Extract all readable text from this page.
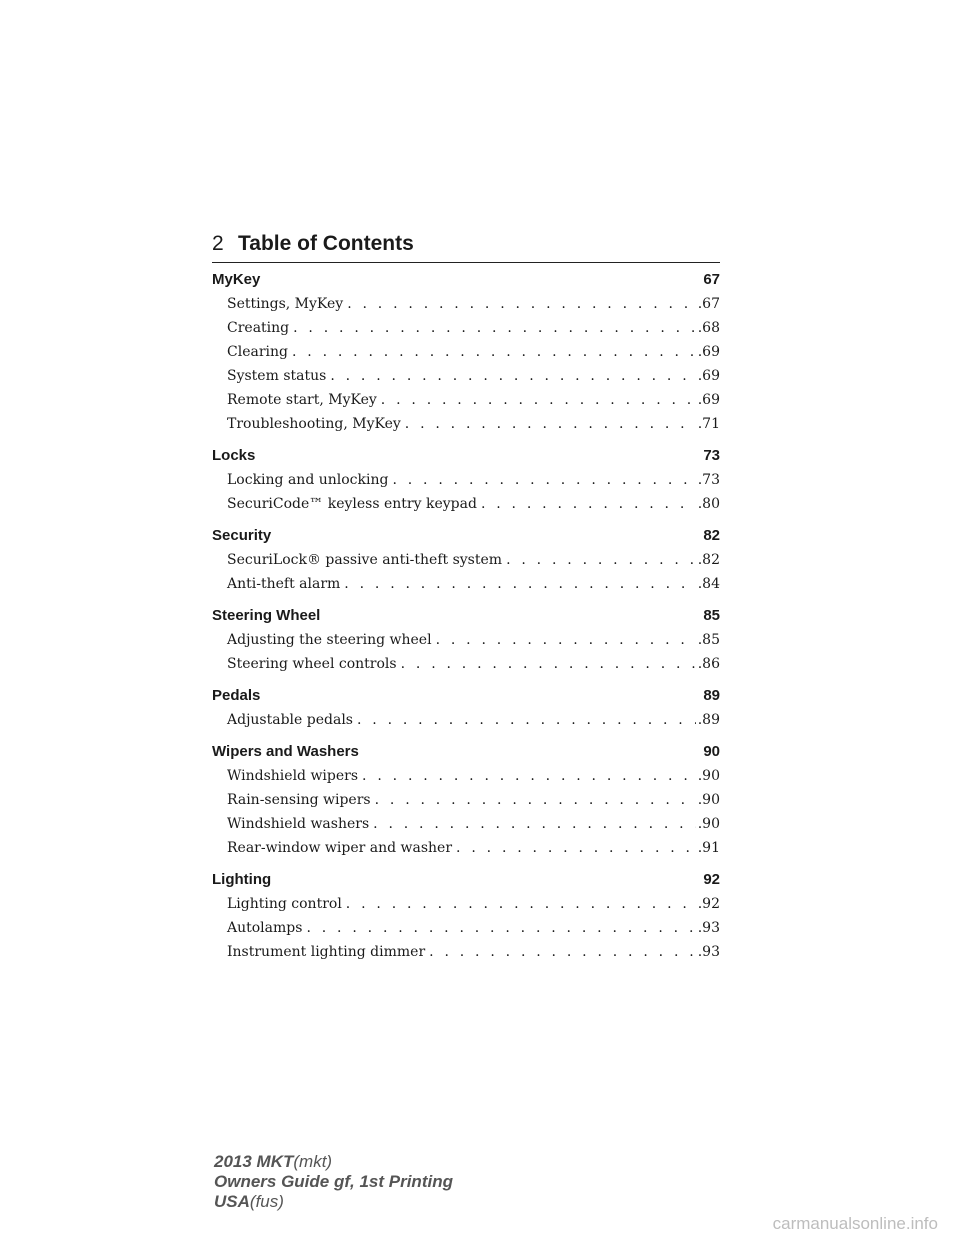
2 Table of Contents
MyKey	67
Settings, MyKey . . .	.67
Creating . . .	.68
Clearing . . .	.69
System status . . .	.69
Remote start, MyKey . . .	.69
Troubleshooting, MyKey . . .	.71
Locks	73
Locking and unlocking . . .	.73
SecuriCode™ keyless entry keypad . . .	.80
Security	82
SecuriLock® passive anti-theft system . . .	.82
Anti-theft alarm . . .	.84
Steering Wheel	85
Adjusting the steering wheel . . .	.85
Steering wheel controls . . .	.86
Pedals	89
Adjustable pedals . . .	.89
Wipers and Washers	90
Windshield wipers . . .	.90
Rain-sensing wipers . . .	.90
Windshield washers . . .	.90
Rear-window wiper and washer . . .	.91
Lighting	92
Lighting control . . .	.92
Autolamps . . .	.93
Instrument lighting dimmer . . .	.93
2013 MKT(mkt)
Owners Guide gf, 1st Printing
USA(fus)
carmanualsonline.info
